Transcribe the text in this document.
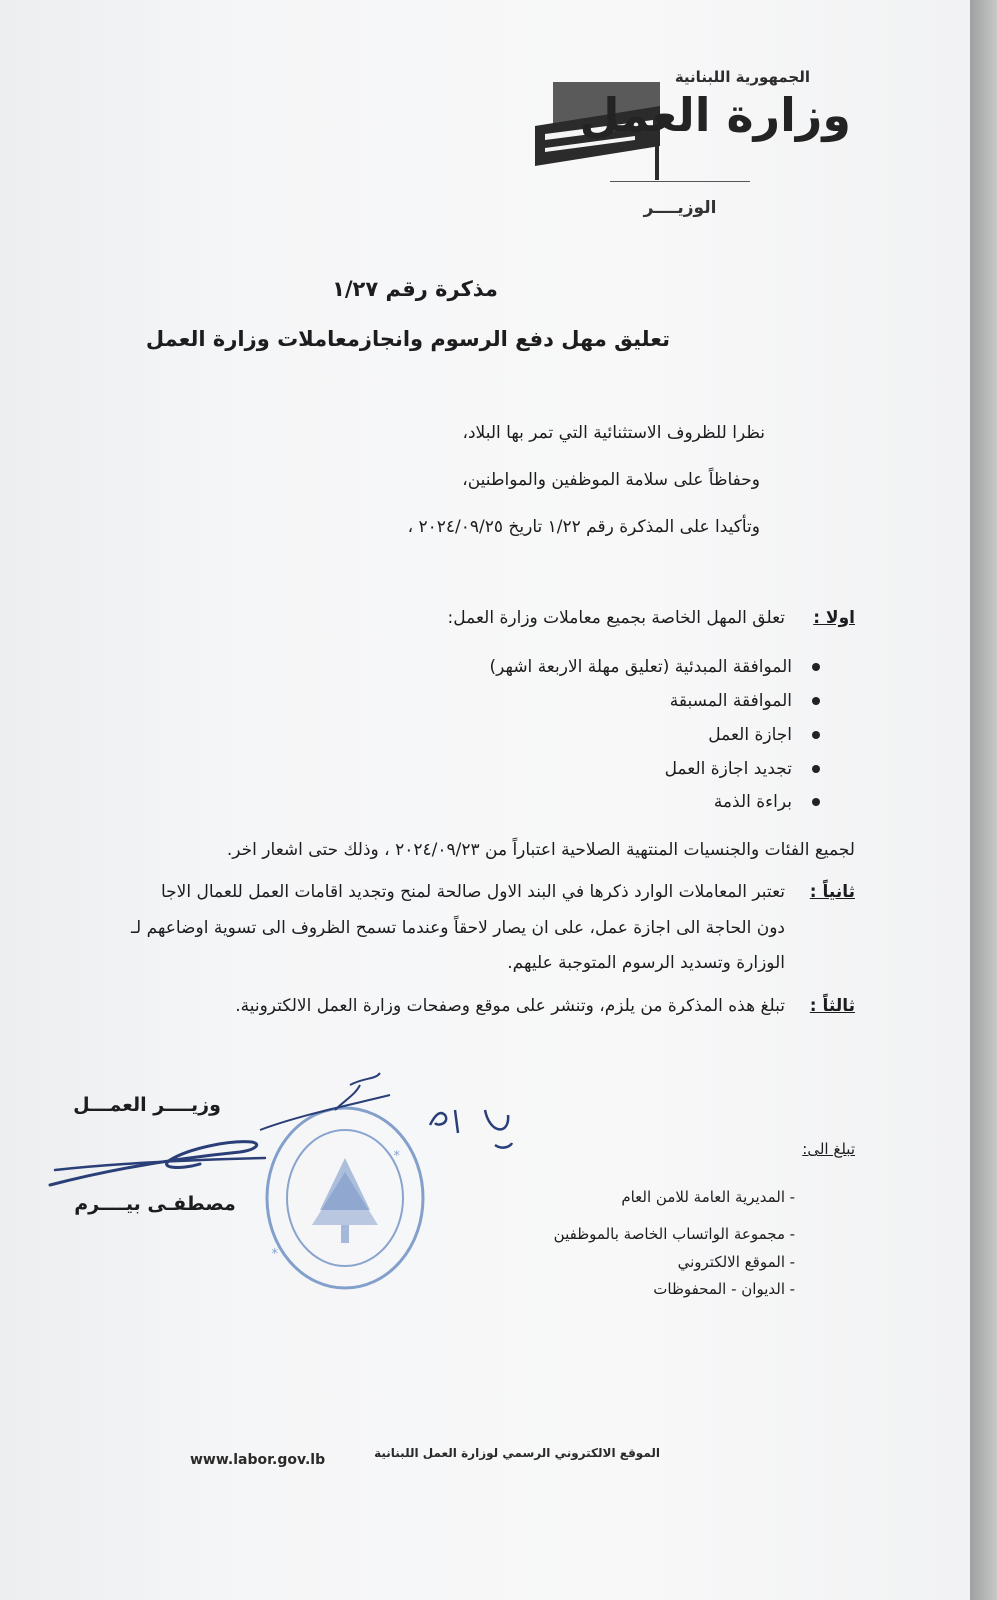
الجمهورية اللبنانية
وزارة العمل
الوزيــــر
مذكرة رقم ١/٢٧
تعليق مهل دفع الرسوم وانجازمعاملات وزارة العمل
نظرا للظروف الاستثنائية التي تمر بها البلاد،
وحفاظاً على سلامة الموظفين والمواطنين،
وتأكيدا على المذكرة رقم ١/٢٢ تاريخ ٢٠٢٤/٠٩/٢٥ ،
اولا :
تعلق المهل الخاصة بجميع معاملات وزارة العمل:
الموافقة المبدئية (تعليق مهلة الاربعة اشهر)
الموافقة المسبقة
اجازة العمل
تجديد اجازة العمل
براءة الذمة
لجميع الفئات والجنسيات المنتهية الصلاحية اعتباراً من ٢٠٢٤/٠٩/٢٣ ، وذلك حتى اشعار اخر.
ثانياً :
تعتبر المعاملات الوارد ذكرها في البند الاول صالحة لمنح وتجديد اقامات العمل للعمال الاجا
دون الحاجة الى اجازة عمل، على ان يصار لاحقاً وعندما تسمح الظروف الى تسوية اوضاعهم لـ
الوزارة وتسديد الرسوم المتوجبة عليهم.
ثالثاً :
تبلغ هذه المذكرة من يلزم، وتنشر على موقع وصفحات وزارة العمل الالكترونية.
وزيــــر العمـــل
مصطفـى بيــــرم
*
*	تبلغ الى:
-
المديرية العامة للامن العام
-
مجموعة الواتساب الخاصة بالموظفين
-
الموقع الالكتروني
-
الديوان - المحفوظات
www.labor.gov.lb	الموقع الالكتروني الرسمي لوزارة العمل اللبنانية
